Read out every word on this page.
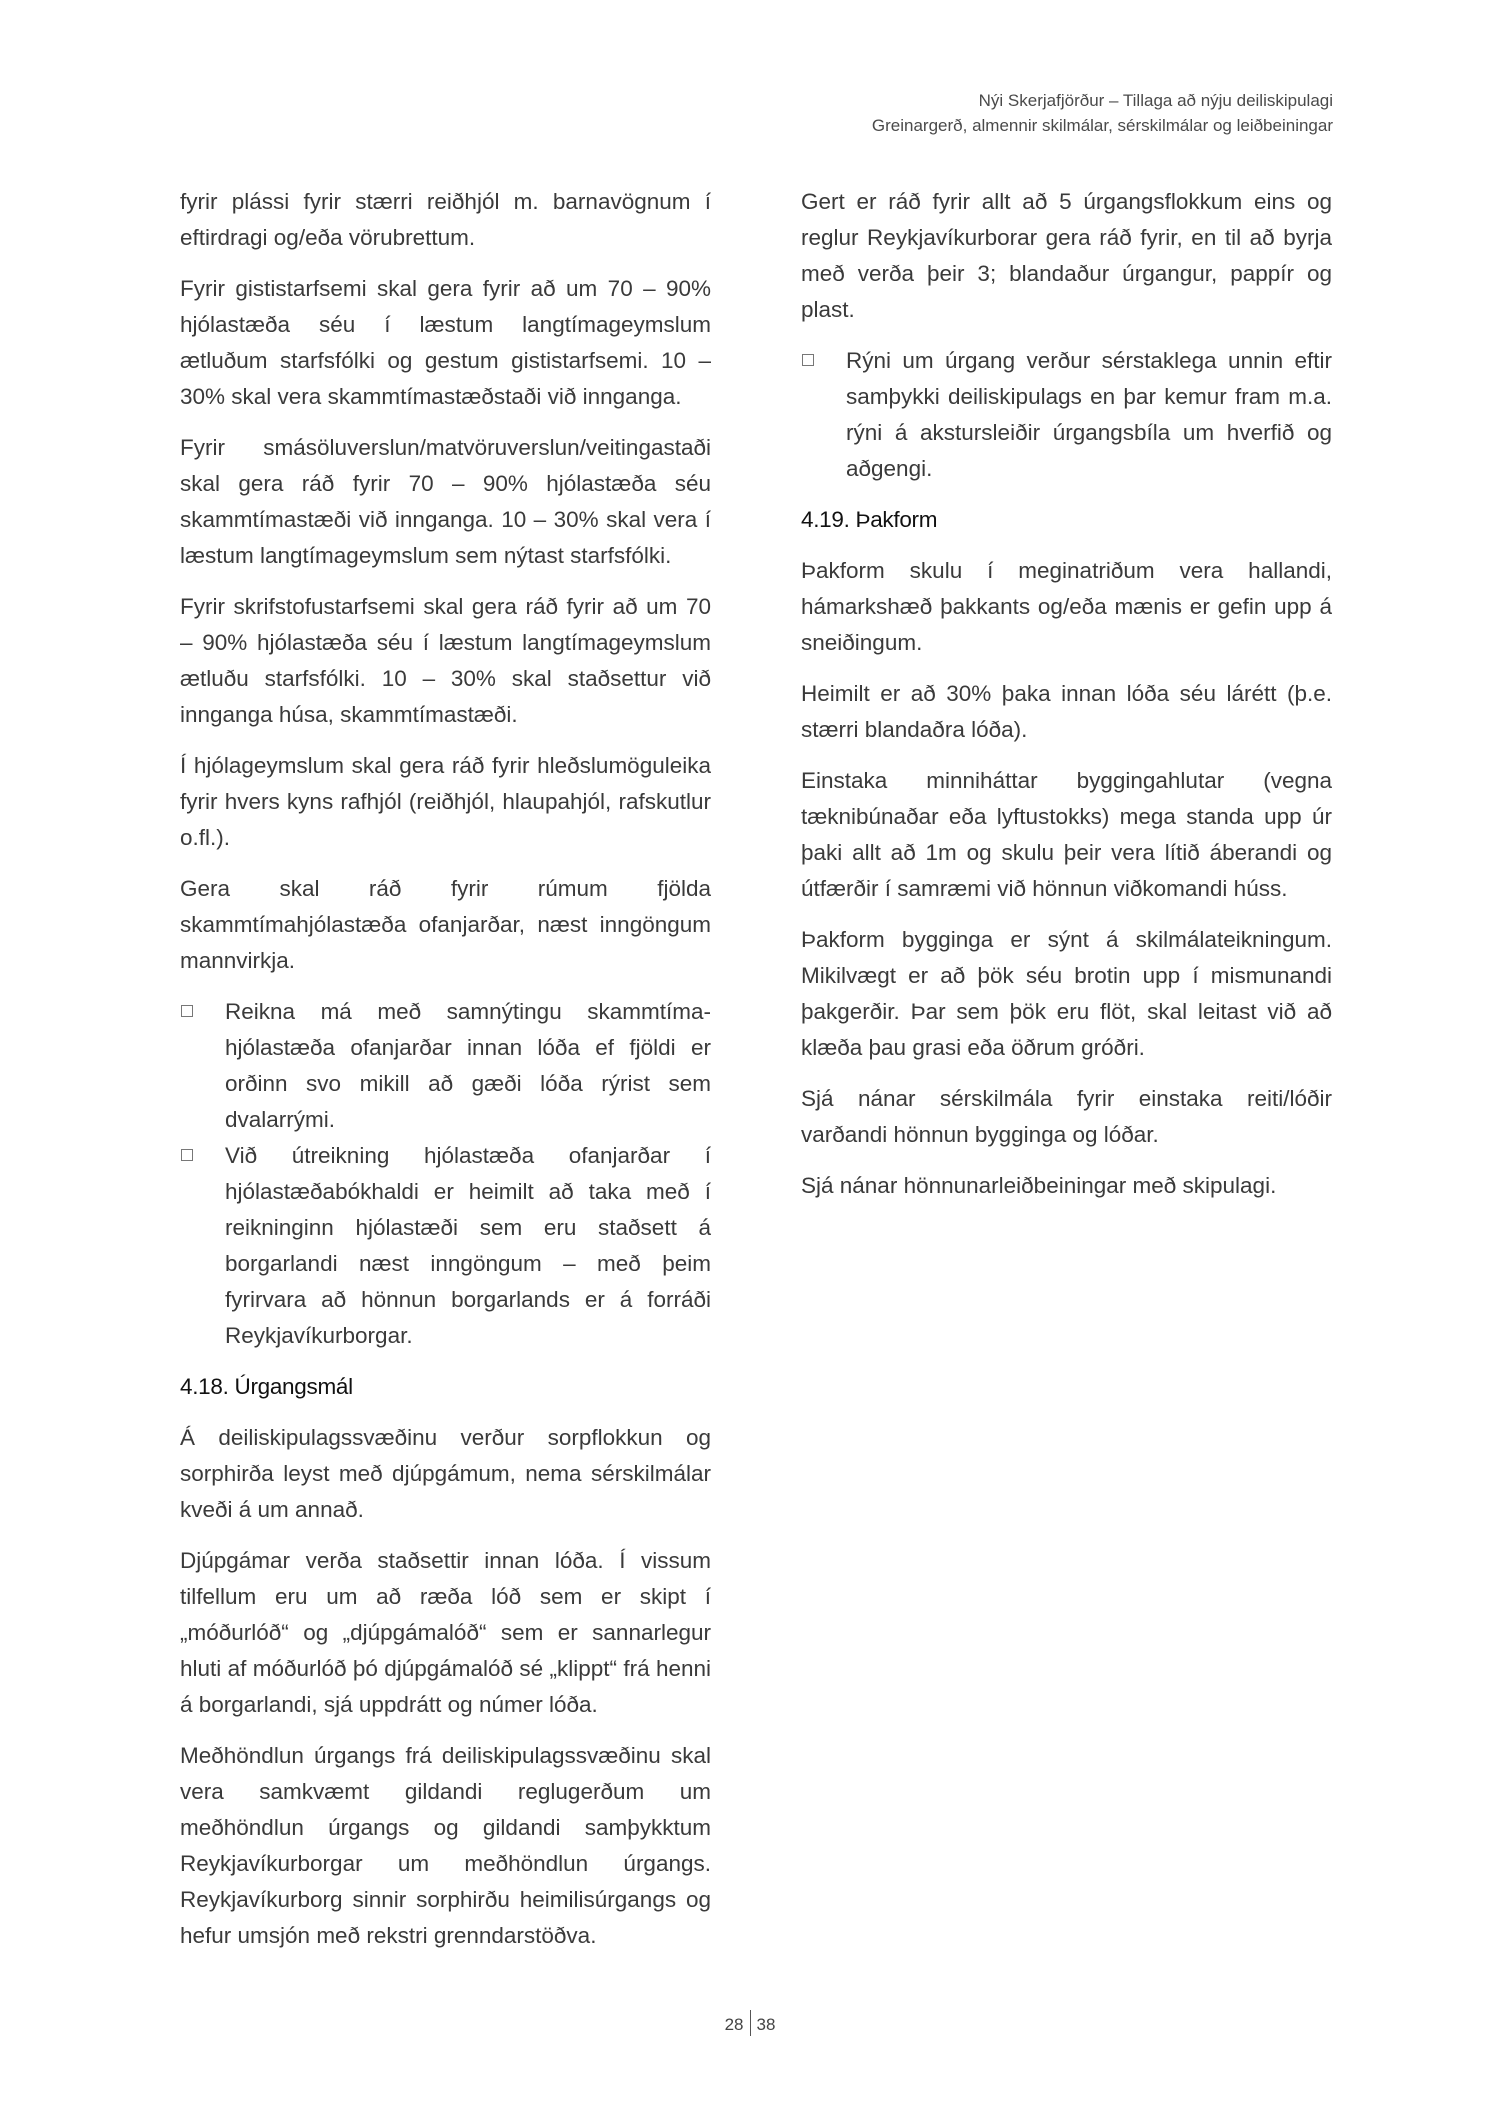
Nýi Skerjafjörður – Tillaga að nýju deiliskipulagi
Greinargerð, almennir skilmálar, sérskilmálar og leiðbeiningar

fyrir plássi fyrir stærri reiðhjól m. barnavögnum í eftirdragi og/eða vörubrettum.

Fyrir gististarfsemi skal gera fyrir að um 70 – 90% hjólastæða séu í læstum langtímageymslum ætluðum starfsfólki og gestum gististarfsemi. 10 – 30% skal vera skammtímastæðstaði við innganga.

Fyrir smásöluverslun/matvöruverslun/veitingastaði skal gera ráð fyrir 70 – 90% hjólastæða séu skammtímastæði við innganga. 10 – 30% skal vera í læstum langtímageymslum sem nýtast starfsfólki.

Fyrir skrifstofustarfsemi skal gera ráð fyrir að um 70 – 90% hjólastæða séu í læstum langtímageymslum ætluðu starfsfólki. 10 – 30% skal staðsettur við innganga húsa, skammtímastæði.

Í hjólageymslum skal gera ráð fyrir hleðslumöguleika fyrir hvers kyns rafhjól (reiðhjól, hlaupahjól, rafskutlur o.fl.).

Gera skal ráð fyrir rúmum fjölda skammtímahjólastæða ofanjarðar, næst inngöngum mannvirkja.

Reikna má með samnýtingu skammtíma-hjólastæða ofanjarðar innan lóða ef fjöldi er orðinn svo mikill að gæði lóða rýrist sem dvalarrými.
Við útreikning hjólastæða ofanjarðar í hjólastæðabókhaldi er heimilt að taka með í reikninginn hjólastæði sem eru staðsett á borgarlandi næst inngöngum – með þeim fyrirvara að hönnun borgarlands er á forráði Reykjavíkurborgar.
4.18. Úrgangsmál

Á deiliskipulagssvæðinu verður sorpflokkun og sorphirða leyst með djúpgámum, nema sérskilmálar kveði á um annað.

Djúpgámar verða staðsettir innan lóða. Í vissum tilfellum eru um að ræða lóð sem er skipt í „móðurlóð“ og „djúpgámalóð“ sem er sannarlegur hluti af móðurlóð þó djúpgámalóð sé „klippt“ frá henni á borgarlandi, sjá uppdrátt og númer lóða.

Meðhöndlun úrgangs frá deiliskipulagssvæðinu skal vera samkvæmt gildandi reglugerðum um meðhöndlun úrgangs og gildandi samþykktum Reykjavíkurborgar um meðhöndlun úrgangs. Reykjavíkurborg sinnir sorphirðu heimilisúrgangs og hefur umsjón með rekstri grenndarstöðva.

Gert er ráð fyrir allt að 5 úrgangsflokkum eins og reglur Reykjavíkurborar gera ráð fyrir, en til að byrja með verða þeir 3; blandaður úrgangur, pappír og plast.

Rýni um úrgang verður sérstaklega unnin eftir samþykki deiliskipulags en þar kemur fram m.a. rýni á akstursleiðir úrgangsbíla um hverfið og aðgengi.
4.19. Þakform

Þakform skulu í meginatriðum vera hallandi, hámarkshæð þakkants og/eða mænis er gefin upp á sneiðingum.

Heimilt er að 30% þaka innan lóða séu lárétt (þ.e. stærri blandaðra lóða).

Einstaka minniháttar byggingahlutar (vegna tæknibúnaðar eða lyftustokks) mega standa upp úr þaki allt að 1m og skulu þeir vera lítið áberandi og útfærðir í samræmi við hönnun viðkomandi húss.

Þakform bygginga er sýnt á skilmálateikningum. Mikilvægt er að þök séu brotin upp í mismunandi þakgerðir. Þar sem þök eru flöt, skal leitast við að klæða þau grasi eða öðrum gróðri.

Sjá nánar sérskilmála fyrir einstaka reiti/lóðir varðandi hönnun bygginga og lóðar.

Sjá nánar hönnunarleiðbeiningar með skipulagi.

28 38
